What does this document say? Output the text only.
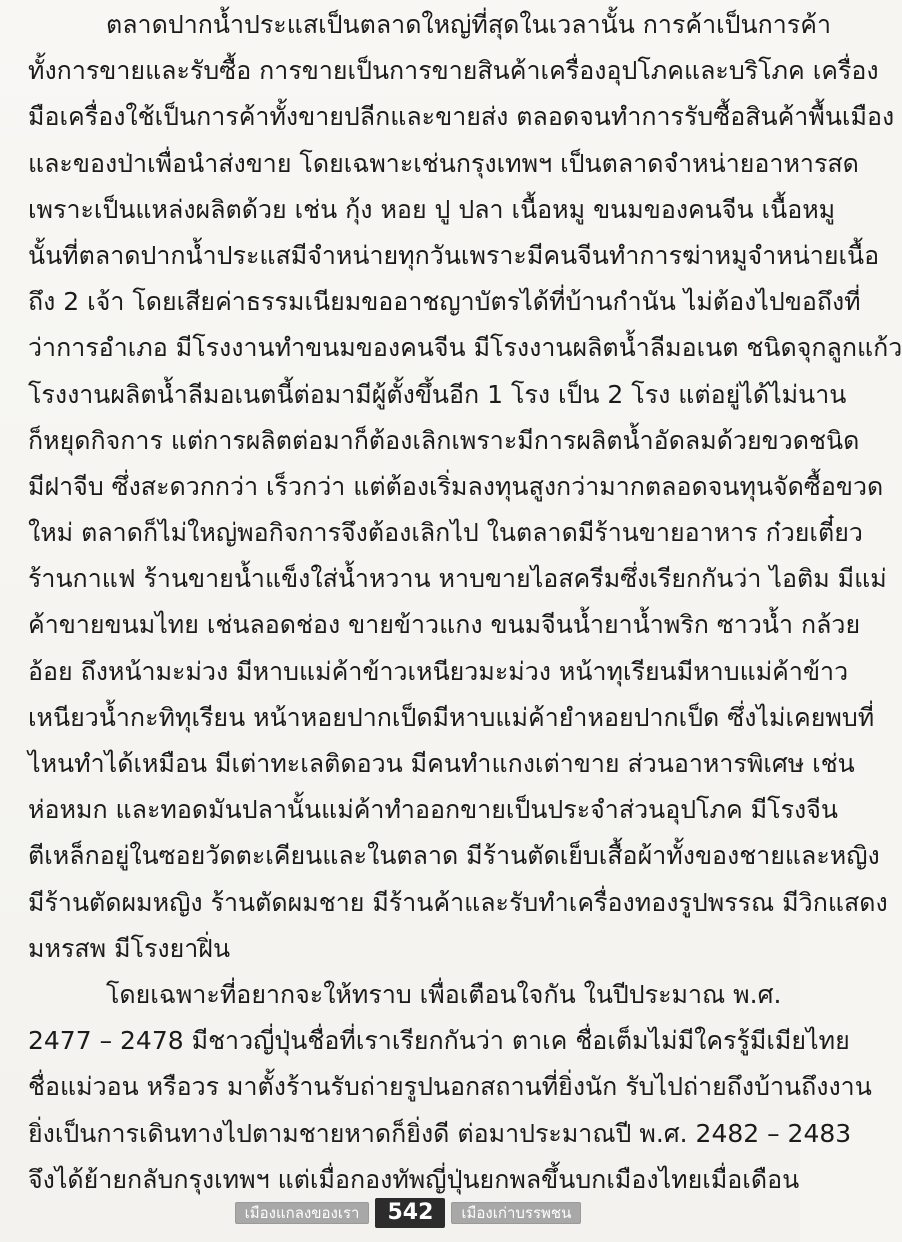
ตลาดปากน้ำประแสเป็นตลาดใหญ่ที่สุดในเวลานั้น การค้าเป็นการค้า
ทั้งการขายและรับซื้อ การขายเป็นการขายสินค้าเครื่องอุปโภคและบริโภค เครื่อง
มือเครื่องใช้เป็นการค้าทั้งขายปลีกและขายส่ง ตลอดจนทำการรับซื้อสินค้าพื้นเมือง
และของป่าเพื่อนำส่งขาย โดยเฉพาะเช่นกรุงเทพฯ เป็นตลาดจำหน่ายอาหารสด
เพราะเป็นแหล่งผลิตด้วย เช่น กุ้ง หอย ปู ปลา เนื้อหมู ขนมของคนจีน เนื้อหมู
นั้นที่ตลาดปากน้ำประแสมีจำหน่ายทุกวันเพราะมีคนจีนทำการฆ่าหมูจำหน่ายเนื้อ
ถึง 2 เจ้า โดยเสียค่าธรรมเนียมขออาชญาบัตรได้ที่บ้านกำนัน ไม่ต้องไปขอถึงที่
ว่าการอำเภอ มีโรงงานทำขนมของคนจีน มีโรงงานผลิตน้ำลีมอเนต ชนิดจุกลูกแก้ว
โรงงานผลิตน้ำลีมอเนตนี้ต่อมามีผู้ตั้งขึ้นอีก 1 โรง เป็น 2 โรง แต่อยู่ได้ไม่นาน
ก็หยุดกิจการ แต่การผลิตต่อมาก็ต้องเลิกเพราะมีการผลิตน้ำอัดลมด้วยขวดชนิด
มีฝาจีบ ซึ่งสะดวกกว่า เร็วกว่า แต่ต้องเริ่มลงทุนสูงกว่ามากตลอดจนทุนจัดซื้อขวด
ใหม่ ตลาดก็ไม่ใหญ่พอกิจการจึงต้องเลิกไป ในตลาดมีร้านขายอาหาร ก๋วยเตี๋ยว
ร้านกาแฟ ร้านขายน้ำแข็งใส่น้ำหวาน หาบขายไอสครีมซึ่งเรียกกันว่า ไอติม มีแม่
ค้าขายขนมไทย เช่นลอดช่อง ขายข้าวแกง ขนมจีนน้ำยาน้ำพริก ซาวน้ำ กล้วย
อ้อย ถึงหน้ามะม่วง มีหาบแม่ค้าข้าวเหนียวมะม่วง หน้าทุเรียนมีหาบแม่ค้าข้าว
เหนียวน้ำกะทิทุเรียน หน้าหอยปากเป็ดมีหาบแม่ค้ายำหอยปากเป็ด ซึ่งไม่เคยพบที่
ไหนทำได้เหมือน มีเต่าทะเลติดอวน มีคนทำแกงเต่าขาย ส่วนอาหารพิเศษ เช่น
ห่อหมก และทอดมันปลานั้นแม่ค้าทำออกขายเป็นประจำส่วนอุปโภค มีโรงจีน
ตีเหล็กอยู่ในซอยวัดตะเคียนและในตลาด มีร้านตัดเย็บเสื้อผ้าทั้งของชายและหญิง
มีร้านตัดผมหญิง ร้านตัดผมชาย มีร้านค้าและรับทำเครื่องทองรูปพรรณ มีวิกแสดง
มหรสพ มีโรงยาฝิ่น
โดยเฉพาะที่อยากจะให้ทราบ เพื่อเตือนใจกัน ในปีประมาณ พ.ศ.
2477 – 2478 มีชาวญี่ปุ่นชื่อที่เราเรียกกันว่า ตาเค ชื่อเต็มไม่มีใครรู้มีเมียไทย
ชื่อแม่วอน หรือวร มาตั้งร้านรับถ่ายรูปนอกสถานที่ยิ่งนัก รับไปถ่ายถึงบ้านถึงงาน
ยิ่งเป็นการเดินทางไปตามชายหาดก็ยิ่งดี ต่อมาประมาณปี พ.ศ. 2482 – 2483
จึงได้ย้ายกลับกรุงเทพฯ แต่เมื่อกองทัพญี่ปุ่นยกพลขึ้นบกเมืองไทยเมื่อเดือน
เมืองแกลงของเรา	542	เมืองเก่าบรรพชน
